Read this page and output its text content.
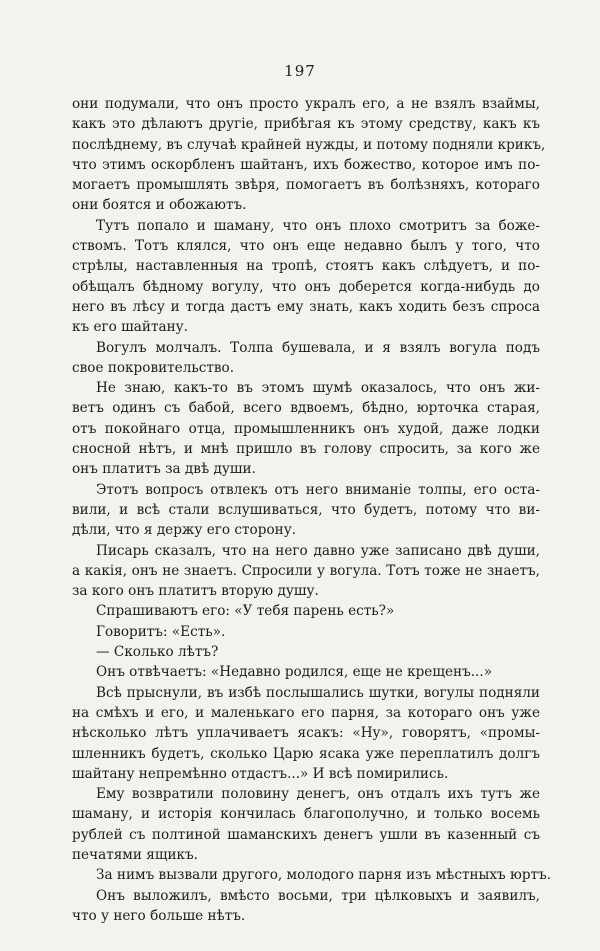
197
они подумали, что онъ просто укралъ его, а не взялъ взаймы,
какъ это дѣлаютъ другіе, прибѣгая къ этому средству, какъ къ
послѣднему, въ случаѣ крайней нужды, и потому подняли крикъ,
что этимъ оскорбленъ шайтанъ, ихъ божество, которое имъ по-
могаетъ промышлять звѣря, помогаетъ въ болѣзняхъ, котораго
они боятся и обожаютъ.
Тутъ попало и шаману, что онъ плохо смотритъ за боже-
ствомъ. Тотъ клялся, что онъ еще недавно былъ у того, что
стрѣлы, наставленныя на тропѣ, стоятъ какъ слѣдуетъ, и по-
обѣщалъ бѣдному вогулу, что онъ доберется когда-нибудь до
него въ лѣсу и тогда дастъ ему знать, какъ ходить безъ спроса
къ его шайтану.
Вогулъ молчалъ. Толпа бушевала, и я взялъ вогула подъ
свое покровительство.
Не знаю, какъ-то въ этомъ шумѣ оказалось, что онъ жи-
ветъ одинъ съ бабой, всего вдвоемъ, бѣдно, юрточка старая,
отъ покойнаго отца, промышленникъ онъ худой, даже лодки
сносной нѣтъ, и мнѣ пришло въ голову спросить, за кого же
онъ платитъ за двѣ души.
Этотъ вопросъ отвлекъ отъ него вниманіе толпы, его оста-
вили, и всѣ стали вслушиваться, что будетъ, потому что ви-
дѣли, что я держу его сторону.
Писарь сказалъ, что на него давно уже записано двѣ души,
а какія, онъ не знаетъ. Спросили у вогула. Тотъ тоже не знаетъ,
за кого онъ платитъ вторую душу.
Спрашиваютъ его: «У тебя парень есть?»
Говоритъ: «Есть».
— Сколько лѣтъ?
Онъ отвѣчаетъ: «Недавно родился, еще не крещенъ...»
Всѣ прыснули, въ избѣ послышались шутки, вогулы подняли
на смѣхъ и его, и маленькаго его парня, за котораго онъ уже
нѣсколько лѣтъ уплачиваетъ ясакъ: «Ну», говорятъ, «промы-
шленникъ будетъ, сколько Царю ясака уже переплатилъ долгъ
шайтану непремѣнно отдастъ...» И всѣ помирились.
Ему возвратили половину денегъ, онъ отдалъ ихъ тутъ же
шаману, и исторія кончилась благополучно, и только восемь
рублей съ полтиной шаманскихъ денегъ ушли въ казенный съ
печатями ящикъ.
За нимъ вызвали другого, молодого парня изъ мѣстныхъ юртъ.
Онъ выложилъ, вмѣсто восьми, три цѣлковыхъ и заявилъ,
что у него больше нѣтъ.
